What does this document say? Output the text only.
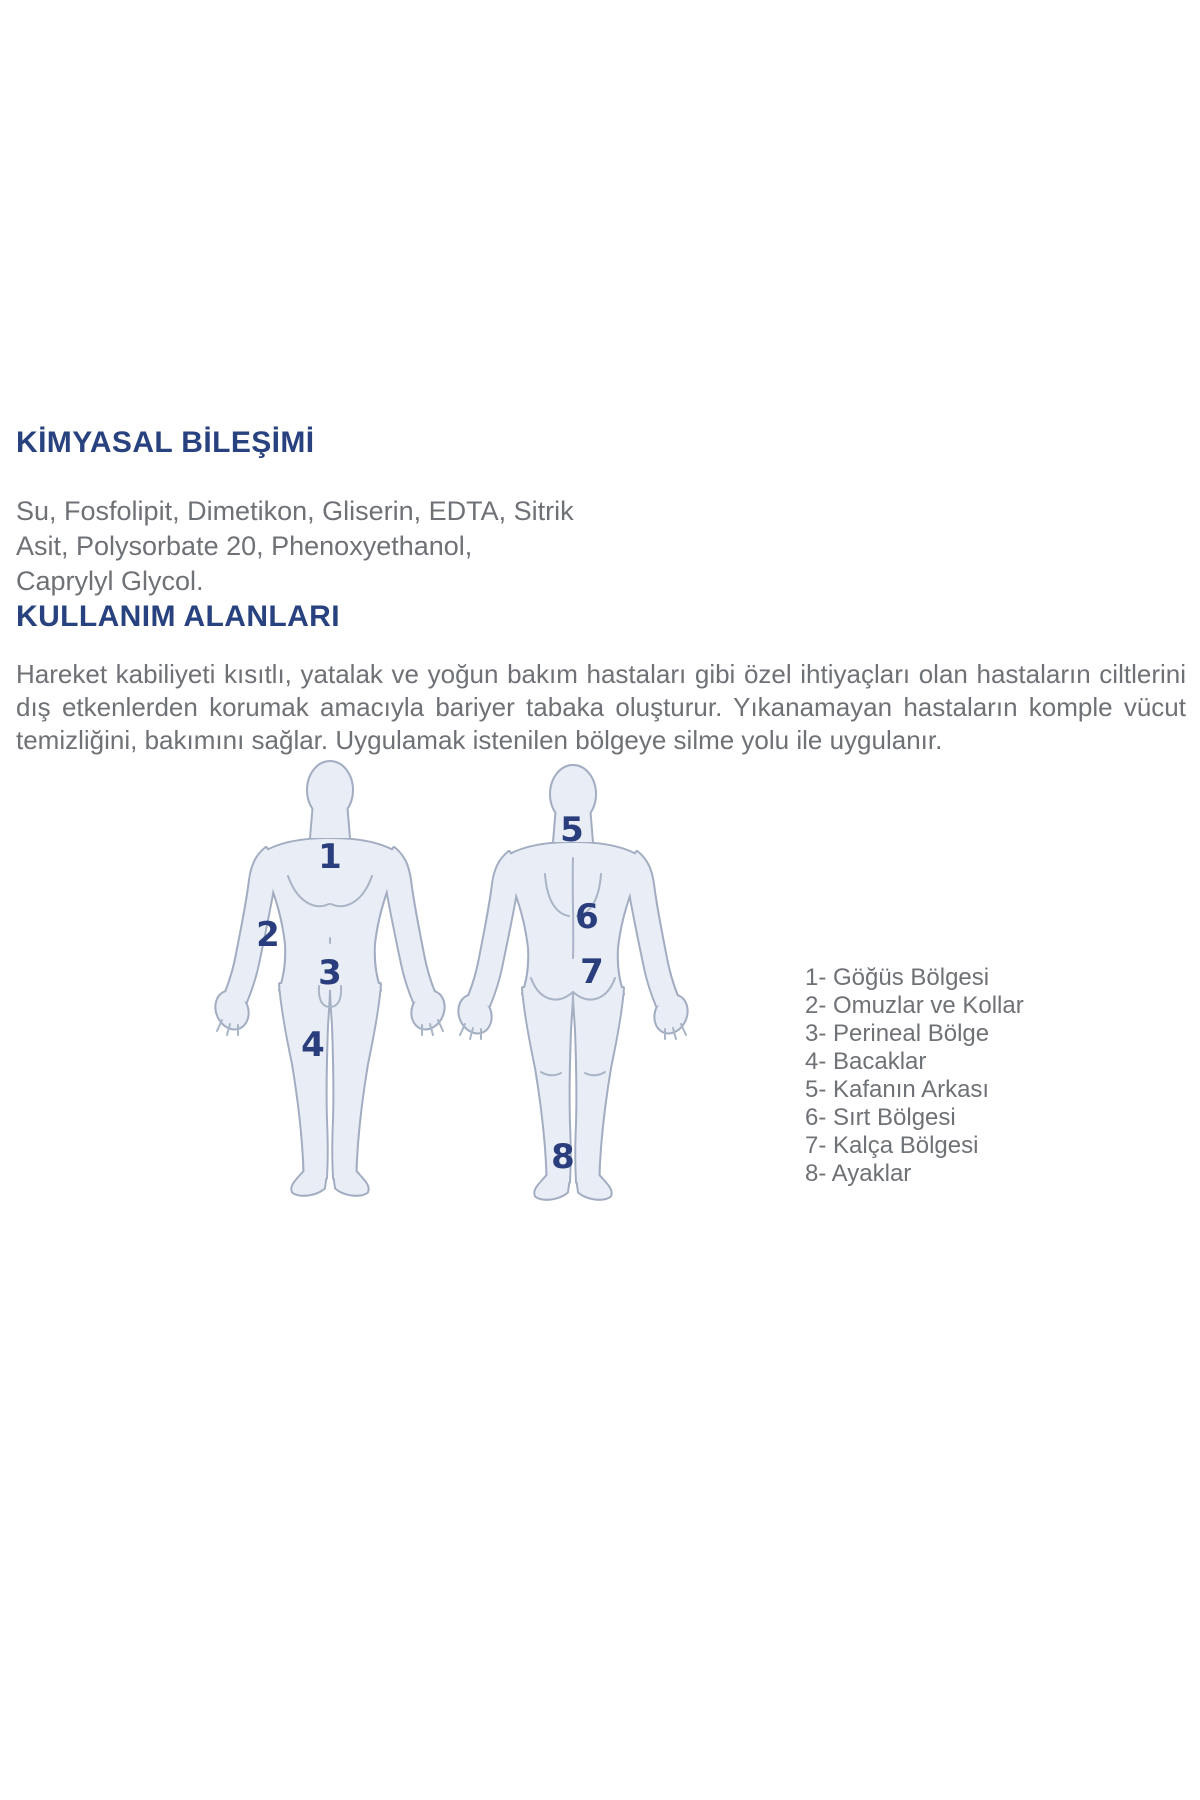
KİMYASAL BİLEŞİMİ
Su, Fosfolipit, Dimetikon, Gliserin, EDTA, Sitrik
Asit, Polysorbate 20, Phenoxyethanol,
Caprylyl Glycol.
KULLANIM ALANLARI
Hareket kabiliyeti kısıtlı, yatalak ve yoğun bakım hastaları gibi özel ihtiyaçları olan hastaların ciltlerini
dış etkenlerden korumak amacıyla bariyer tabaka oluşturur. Yıkanamayan hastaların komple vücut
temizliğini, bakımını sağlar. Uygulamak istenilen bölgeye silme yolu ile uygulanır.
1
2
3
4
5
6
7
8
1- Göğüs Bölgesi
2- Omuzlar ve Kollar
3- Perineal Bölge
4- Bacaklar
5- Kafanın Arkası
6- Sırt Bölgesi
7- Kalça Bölgesi
8- Ayaklar
